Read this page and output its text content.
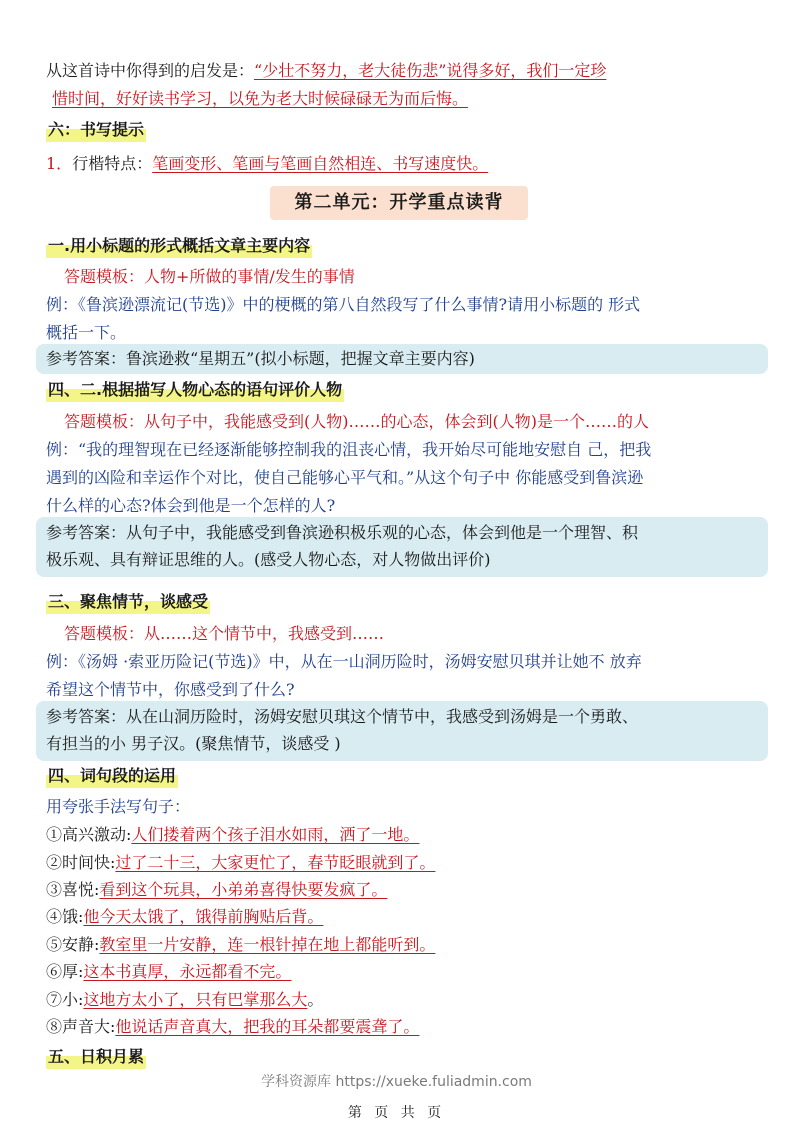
从这首诗中你得到的启发是：“少壮不努力，老大徒伤悲”说得多好，我们一定珍
惜时间，好好读书学习，以免为老大时候碌碌无为而后悔。
六：书写提示
1．行楷特点：笔画变形、笔画与笔画自然相连、书写速度快。
第二单元：开学重点读背
一.用小标题的形式概括文章主要内容
答题模板：人物+所做的事情/发生的事情
例：《鲁滨逊漂流记(节选)》中的梗概的第八自然段写了什么事情?请用小标题的 形式
概括一下。
参考答案：鲁滨逊救“星期五”(拟小标题，把握文章主要内容)
四、二.根据描写人物心态的语句评价人物
答题模板：从句子中，我能感受到(人物)……的心态，体会到(人物)是一个……的人
例：“我的理智现在已经逐渐能够控制我的沮丧心情，我开始尽可能地安慰自 己，把我
遇到的凶险和幸运作个对比，使自己能够心平气和。”从这个句子中 你能感受到鲁滨逊
什么样的心态?体会到他是一个怎样的人?
参考答案：从句子中，我能感受到鲁滨逊积极乐观的心态，体会到他是一个理智、积
极乐观、具有辩证思维的人。(感受人物心态，对人物做出评价)
三、聚焦情节，谈感受
答题模板：从……这个情节中，我感受到……
例：《汤姆 ·索亚历险记(节选)》中，从在一山洞历险时，汤姆安慰贝琪并让她不 放弃
希望这个情节中，你感受到了什么?
参考答案：从在山洞历险时，汤姆安慰贝琪这个情节中，我感受到汤姆是一个勇敢、
有担当的小 男子汉。(聚焦情节，谈感受 )
四、词句段的运用
用夸张手法写句子：
①高兴激动:人们搂着两个孩子泪水如雨，洒了一地。
②时间快:过了二十三，大家更忙了，春节眨眼就到了。
③喜悦:看到这个玩具，小弟弟喜得快要发疯了。
④饿:他今天太饿了，饿得前胸贴后背。
⑤安静:教室里一片安静，连一根针掉在地上都能听到。
⑥厚:这本书真厚，永远都看不完。
⑦小:这地方太小了，只有巴掌那么大。
⑧声音大:他说话声音真大，把我的耳朵都要震聋了。
五、日积月累
学科资源库 https://xueke.fuliadmin.com
第 页 共 页
